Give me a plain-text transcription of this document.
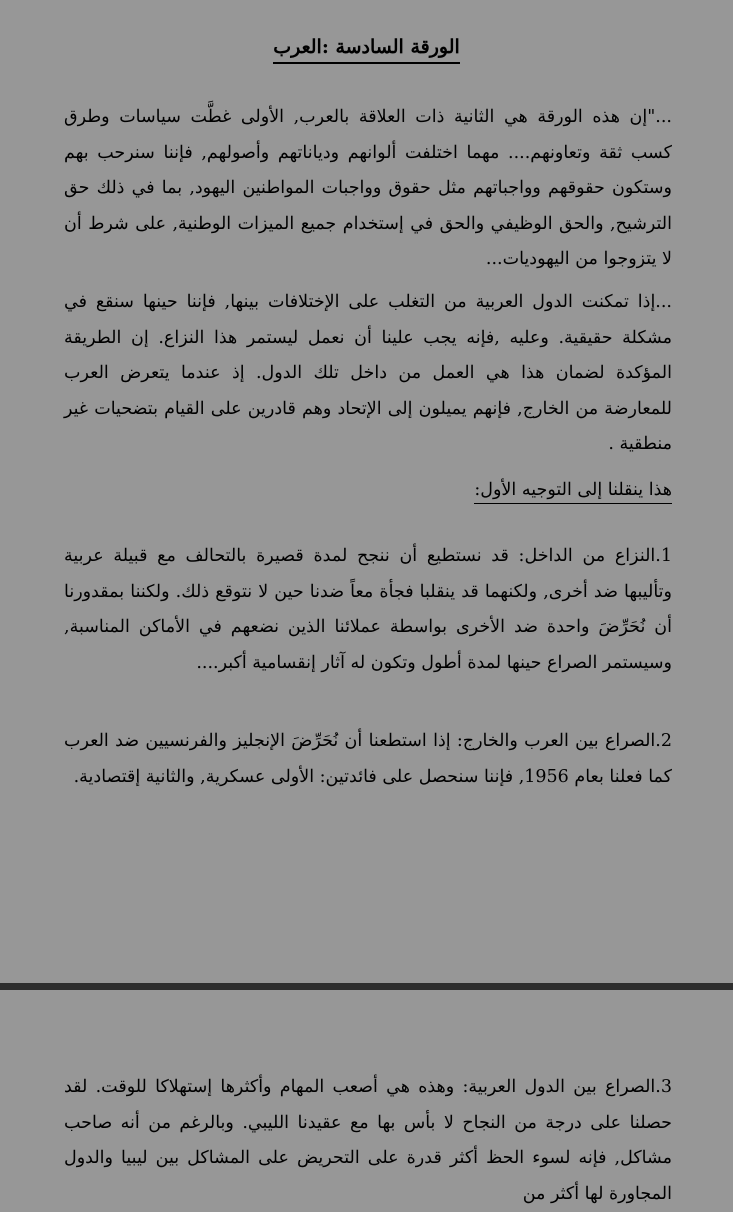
الورقة السادسة :العرب
..."إن هذه الورقة هي الثانية ذات العلاقة بالعرب, الأولى غطَّت سياسات وطرق كسب ثقة وتعاونهم.... مهما اختلفت ألوانهم ودياناتهم وأصولهم, فإننا سنرحب بهم وستكون حقوقهم وواجباتهم مثل حقوق وواجبات المواطنين اليهود, بما في ذلك حق الترشيح, والحق الوظيفي والحق في إستخدام جميع الميزات الوطنية, على شرط أن لا يتزوجوا من اليهوديات...
...إذا تمكنت الدول العربية من التغلب على الإختلافات بينها, فإننا حينها سنقع في مشكلة حقيقية. وعليه ,فإنه يجب علينا أن نعمل ليستمر هذا النزاع. إن الطريقة المؤكدة لضمان هذا هي العمل من داخل تلك الدول. إذ عندما يتعرض العرب للمعارضة من الخارج, فإنهم يميلون إلى الإتحاد وهم قادرين على القيام بتضحيات غير منطقية .
هذا ينقلنا إلى التوجيه الأول:
1.النزاع من الداخل: قد نستطيع أن ننجح لمدة قصيرة بالتحالف مع قبيلة عربية وتأليبها ضد أخرى, ولكنهما قد ينقلبا فجأة معاً ضدنا حين لا نتوقع ذلك. ولكننا بمقدورنا أن نُحَرِّضَ واحدة ضد الأخرى بواسطة عملائنا الذين نضعهم في الأماكن المناسبة, وسيستمر الصراع حينها لمدة أطول وتكون له آثار إنقسامية أكبر....
2.الصراع بين العرب والخارج: إذا استطعنا أن نُحَرِّضَ الإنجليز والفرنسيين ضد العرب كما فعلنا بعام 1956, فإننا سنحصل على فائدتين: الأولى عسكرية, والثانية إقتصادية.
3.الصراع بين الدول العربية: وهذه هي أصعب المهام وأكثرها إستهلاكا للوقت. لقد حصلنا على درجة من النجاح لا بأس بها مع عقيدنا الليبي. وبالرغم من أنه صاحب مشاكل, فإنه لسوء الحظ أكثر قدرة على التحريض على المشاكل بين ليبيا والدول المجاورة لها أكثر من
